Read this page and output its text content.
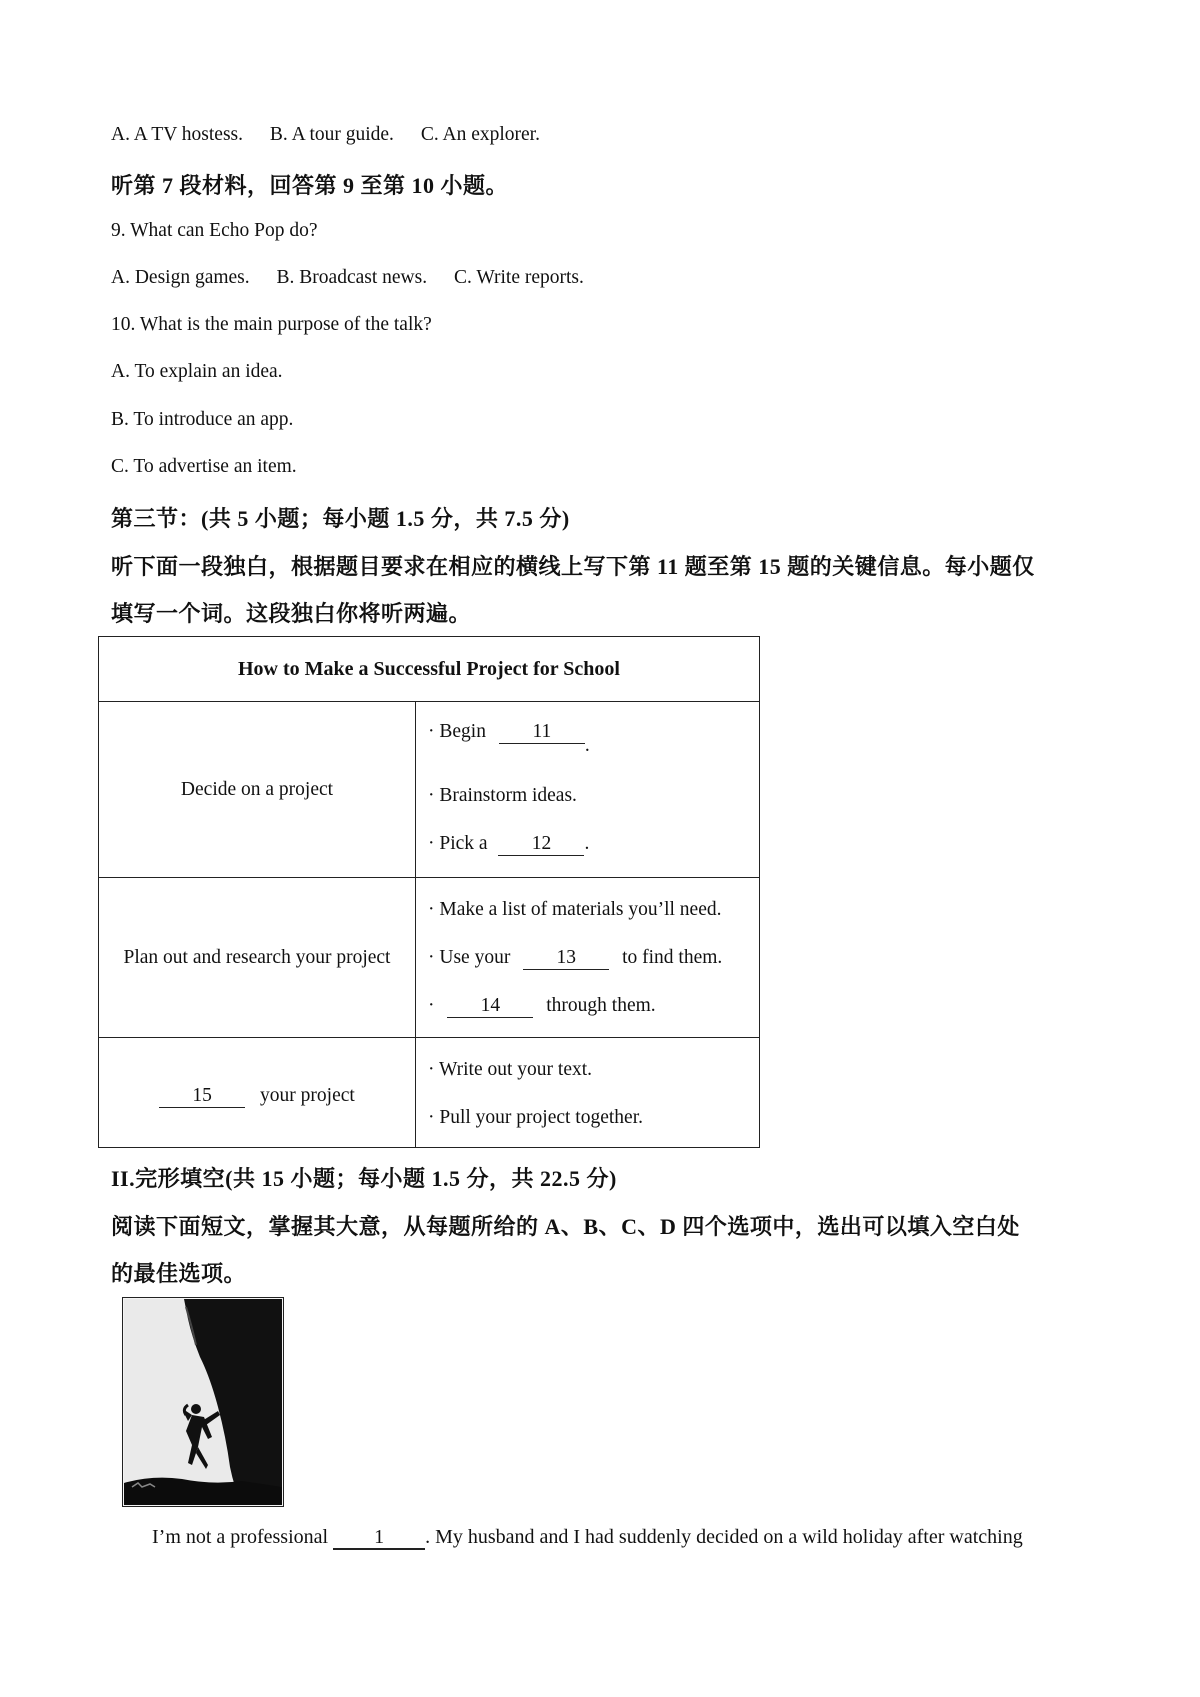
A. A TV hostess. B. A tour guide. C. An explorer.
听第 7 段材料，回答第 9 至第 10 小题。
9. What can Echo Pop do?
A. Design games. B. Broadcast news. C. Write reports.
10. What is the main purpose of the talk?
A. To explain an idea.
B. To introduce an app.
C. To advertise an item.
第三节：(共 5 小题；每小题 1.5 分，共 7.5 分)
听下面一段独白，根据题目要求在相应的横线上写下第 11 题至第 15 题的关键信息。每小题仅
填写一个词。这段独白你将听两遍。
How to Make a Successful Project for School
Decide on a project
· Begin 11.
· Brainstorm ideas.
· Pick a 12 .
Plan out and research your project
· Make a list of materials you’ll need.
· Use your 13 to find them.
· 14 through them.
15 your project
· Write out your text.
· Pull your project together.
II.完形填空(共 15 小题；每小题 1.5 分，共 22.5 分)
阅读下面短文，掌握其大意，从每题所给的 A、B、C、D 四个选项中，选出可以填入空白处
的最佳选项。
I’m not a professional 1 . My husband and I had suddenly decided on a wild holiday after watching
